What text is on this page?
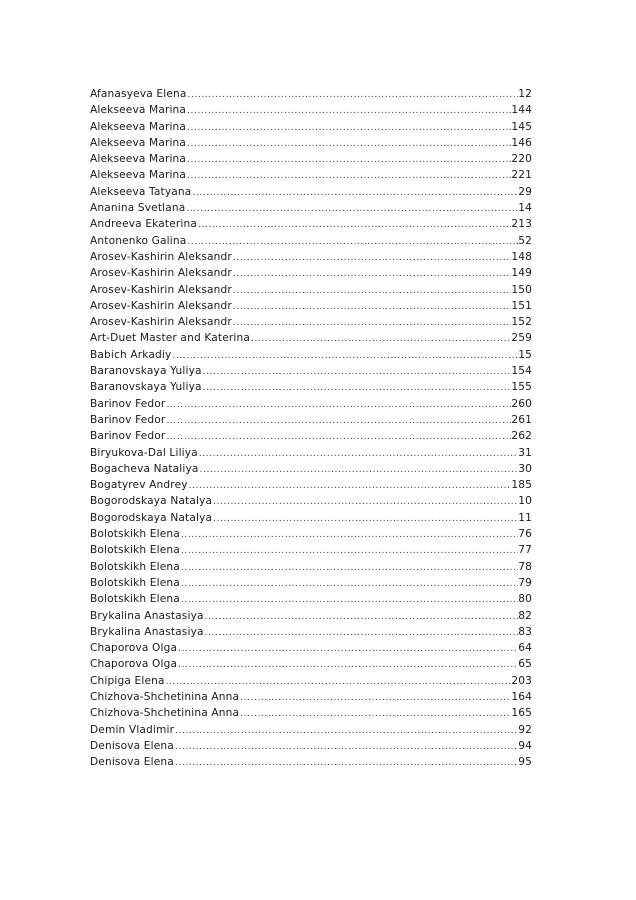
Afanasyeva Elena .....	12
Alekseeva Marina .....	144
Alekseeva Marina .....	145
Alekseeva Marina .....	146
Alekseeva Marina .....	220
Alekseeva Marina .....	221
Alekseeva Tatyana .....	29
Ananina Svetlana .....	14
Andreeva Ekaterina .....	213
Antonenko Galina .....	52
Arosev-Kashirin Aleksandr .....	148
Arosev-Kashirin Aleksandr .....	149
Arosev-Kashirin Aleksandr .....	150
Arosev-Kashirin Aleksandr .....	151
Arosev-Kashirin Aleksandr .....	152
Art-Duet Master and Katerina .....	259
Babich Arkadiy .....	15
Baranovskaya Yuliya .....	154
Baranovskaya Yuliya .....	155
Barinov Fedor .....	260
Barinov Fedor .....	261
Barinov Fedor .....	262
Biryukova-Dal Liliya .....	31
Bogacheva Nataliya .....	30
Bogatyrev Andrey .....	185
Bogorodskaya Natalya .....	10
Bogorodskaya Natalya .....	11
Bolotskikh Elena .....	76
Bolotskikh Elena .....	77
Bolotskikh Elena .....	78
Bolotskikh Elena .....	79
Bolotskikh Elena .....	80
Brykalina Anastasiya .....	82
Brykalina Anastasiya .....	83
Chaporova Olga .....	64
Chaporova Olga .....	65
Chipiga Elena .....	203
Chizhova-Shchetinina Anna .....	164
Chizhova-Shchetinina Anna .....	165
Demin Vladimir .....	92
Denisova Elena .....	94
Denisova Elena .....	95
